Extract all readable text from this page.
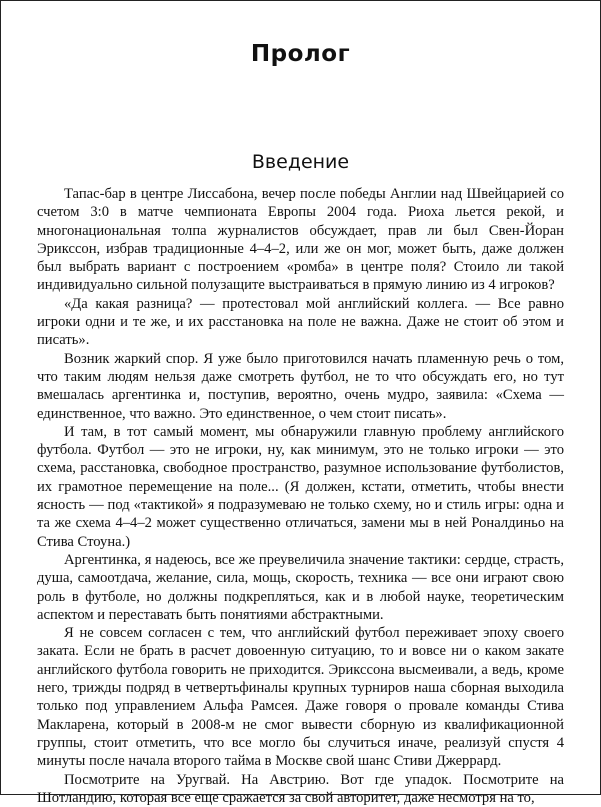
Пролог
Введение

Тапас-бар в центре Лиссабона, вечер после победы Англии над Швейцарией со счетом 3:0 в матче чемпионата Европы 2004 года. Риоха льется рекой, и многонациональная толпа журналистов обсуждает, прав ли был Свен-Йоран Эрикссон, избрав традиционные 4–4–2, или же он мог, может быть, даже должен был выбрать вариант с построением «ромба» в центре поля? Стоило ли такой индивидуально сильной полузащите выстраиваться в прямую линию из 4 игроков?

«Да какая разница? — протестовал мой английский коллега. — Все равно игроки одни и те же, и их расстановка на поле не важна. Даже не стоит об этом и писать».

Возник жаркий спор. Я уже было приготовился начать пламенную речь о том, что таким людям нельзя даже смотреть футбол, не то что обсуждать его, но тут вмешалась аргентинка и, поступив, вероятно, очень мудро, заявила: «Схема — единственное, что важно. Это единственное, о чем стоит писать».

И там, в тот самый момент, мы обнаружили главную проблему английского футбола. Футбол — это не игроки, ну, как минимум, это не только игроки — это схема, расстановка, свободное пространство, разумное использование футболистов, их грамотное перемещение на поле... (Я должен, кстати, отметить, чтобы внести ясность — под «тактикой» я подразумеваю не только схему, но и стиль игры: одна и та же схема 4–4–2 может существенно отличаться, замени мы в ней Роналдиньо на Стива Стоуна.)

Аргентинка, я надеюсь, все же преувеличила значение тактики: сердце, страсть, душа, самоотдача, желание, сила, мощь, скорость, техника — все они играют свою роль в футболе, но должны подкрепляться, как и в любой науке, теоретическим аспектом и переставать быть понятиями абстрактными.

Я не совсем согласен с тем, что английский футбол переживает эпоху своего заката. Если не брать в расчет довоенную ситуацию, то и вовсе ни о каком закате английского футбола говорить не приходится. Эрикссона высмеивали, а ведь, кроме него, трижды подряд в четвертьфиналы крупных турниров наша сборная выходила только под управлением Альфа Рамсея. Даже говоря о провале команды Стива Макларена, который в 2008-м не смог вывести сборную из квалификационной группы, стоит отметить, что все могло бы случиться иначе, реализуй спустя 4 минуты после начала второго тайма в Москве свой шанс Стиви Джеррард.

Посмотрите на Уругвай. На Австрию. Вот где упадок. Посмотрите на Шотландию, которая все еще сражается за свой авторитет, даже несмотря на то,
